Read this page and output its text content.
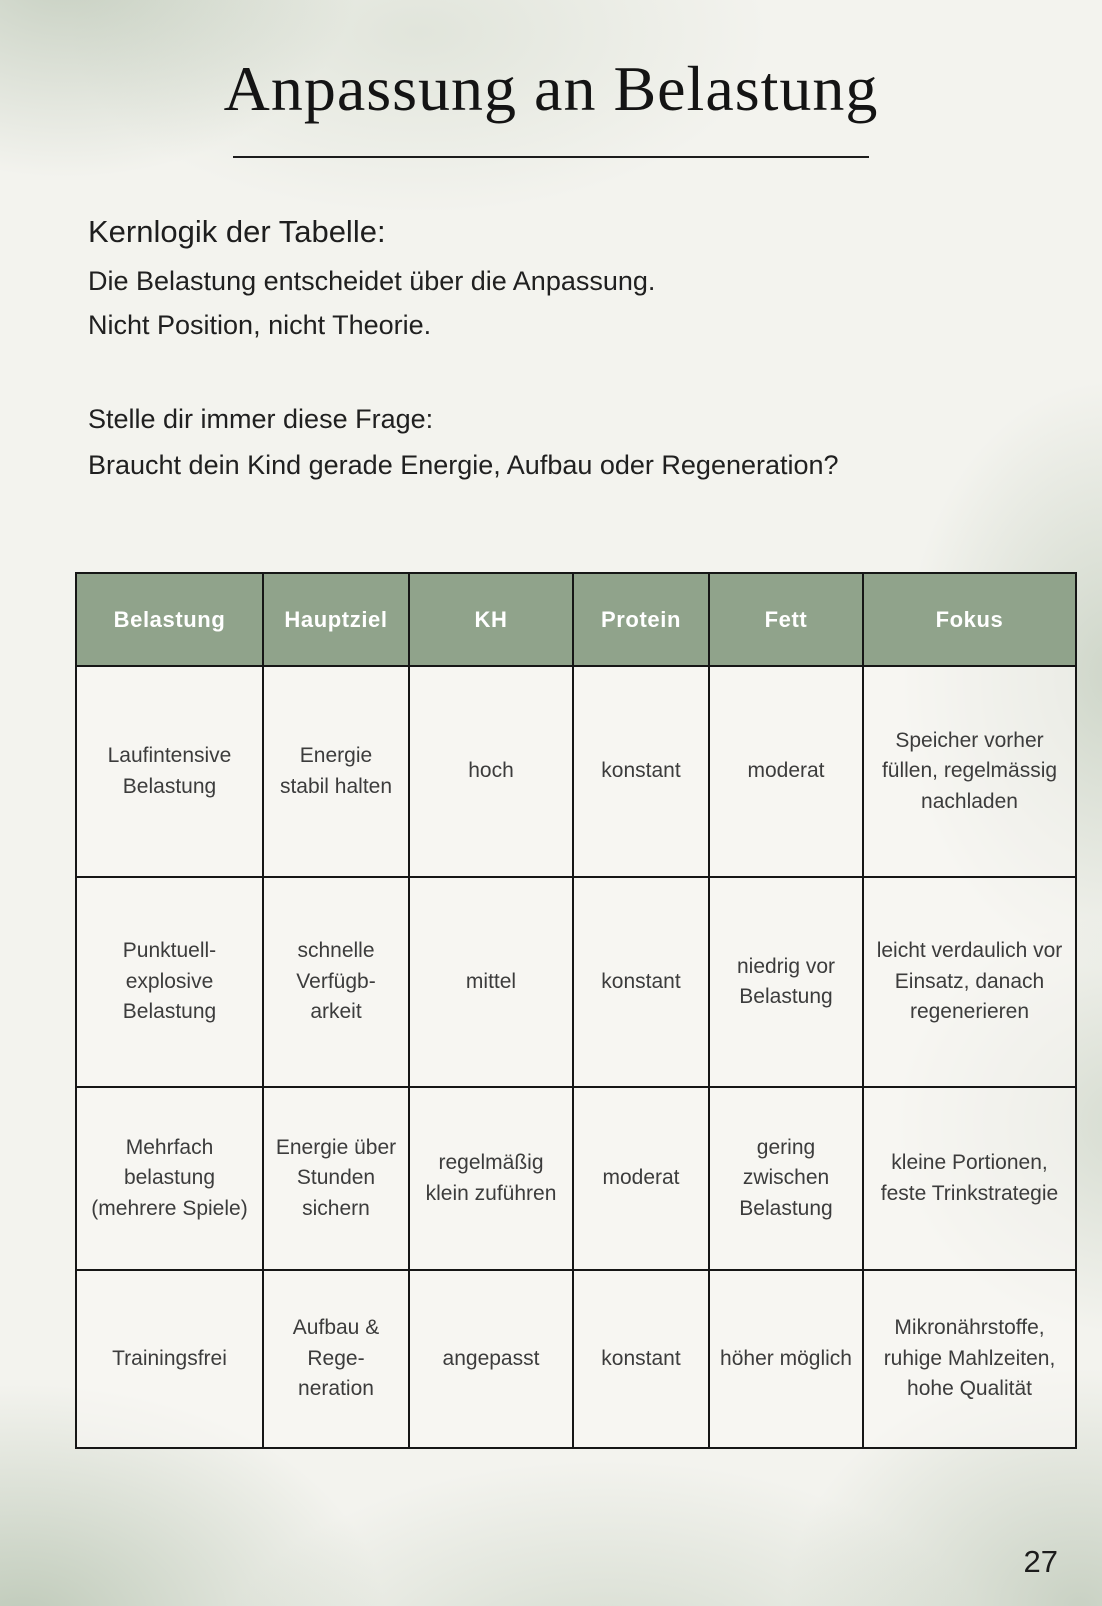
Anpassung an Belastung

Kernlogik der Tabelle:

Die Belastung entscheidet über die Anpassung.

Nicht Position, nicht Theorie.

Stelle dir immer diese Frage:

Braucht dein Kind gerade Energie, Aufbau oder Regeneration?

Belastung	Hauptziel	KH	Protein	Fett	Fokus
Laufintensive Belastung	Energie stabil halten	hoch	konstant	moderat	Speicher vorher füllen, regelmässig nachladen
Punktuell-explosive Belastung	schnelle Verfügb-arkeit	mittel	konstant	niedrig vor Belastung	leicht verdaulich vor Einsatz, danach regenerieren
Mehrfach belastung (mehrere Spiele)	Energie über Stunden sichern	regelmäßig klein zuführen	moderat	gering zwischen Belastung	kleine Portionen, feste Trinkstrategie
Trainingsfrei	Aufbau & Rege- neration	angepasst	konstant	höher möglich	Mikronährstoffe, ruhige Mahlzeiten, hohe Qualität
27
